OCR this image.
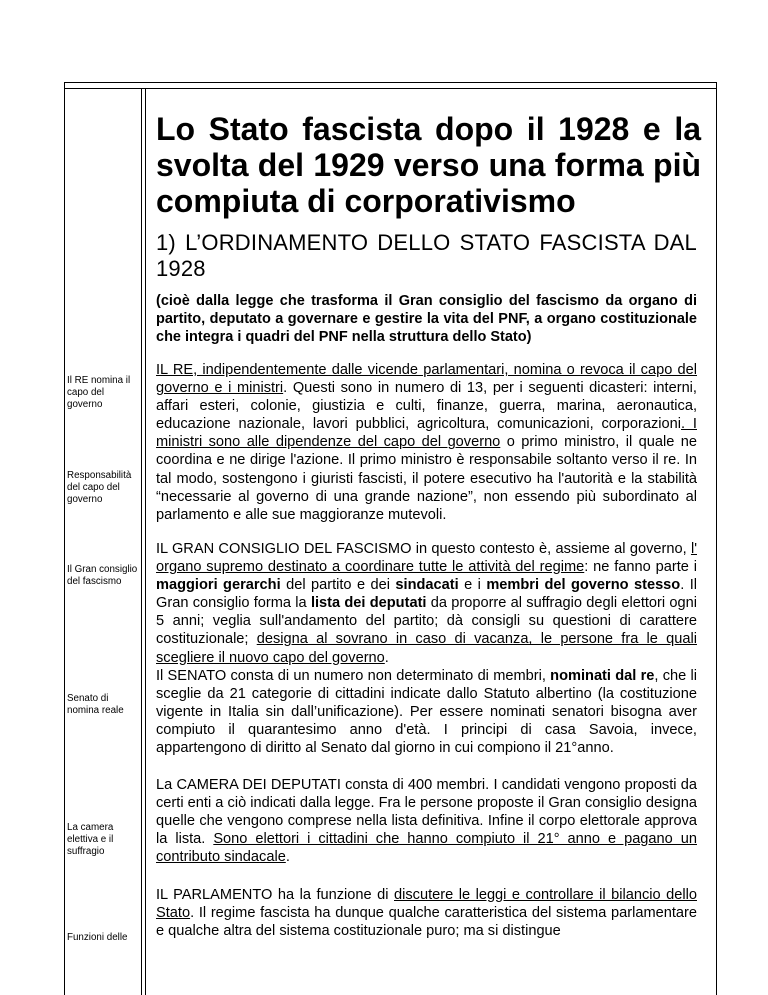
Lo Stato fascista dopo il 1928 e la svolta del 1929 verso una forma più compiuta di corporativismo
1) L’ORDINAMENTO DELLO STATO FASCISTA DAL 1928
(cioè dalla legge che trasforma il Gran consiglio del fascismo da organo di partito, deputato a governare e gestire la vita del PNF, a organo costituzionale che integra i quadri del PNF nella struttura dello Stato)
Il RE nomina il capo del governo
Responsabilità del capo del governo
Il Gran consiglio del fascismo
Senato di nomina reale
La camera elettiva e il suffragio
Funzioni delle
IL RE, indipendentemente dalle vicende parlamentari, nomina o revoca il capo del governo e i ministri. Questi sono in numero di 13, per i seguenti dicasteri: interni, affari esteri, colonie, giustizia e culti, finanze, guerra, marina, aeronautica, educazione nazionale, lavori pubblici, agricoltura, comunicazioni, corporazioni. I ministri sono alle dipendenze del capo del governo o primo ministro, il quale ne coordina e ne dirige l'azione. Il primo ministro è responsabile soltanto verso il re. In tal modo, sostengono i giuristi fascisti, il potere esecutivo ha l'autorità e la stabilità “necessarie al governo di una grande nazione”, non essendo più subordinato al parlamento e alle sue maggioranze mutevoli.
IL GRAN CONSIGLIO DEL FASCISMO in questo contesto è, assieme al governo, l' organo supremo destinato a coordinare tutte le attività del regime: ne fanno parte i maggiori gerarchi del partito e dei sindacati e i membri del governo stesso. Il Gran consiglio forma la lista dei deputati da proporre al suffragio degli elettori ogni 5 anni; veglia sull'andamento del partito; dà consigli su questioni di carattere costituzionale; designa al sovrano in caso di vacanza, le persone fra le quali scegliere il nuovo capo del governo.
Il SENATO consta di un numero non determinato di membri, nominati dal re, che li sceglie da 21 categorie di cittadini indicate dallo Statuto albertino (la costituzione vigente in Italia sin dall’unificazione). Per essere nominati senatori bisogna aver compiuto il quarantesimo anno d'età. I principi di casa Savoia, invece, appartengono di diritto al Senato dal giorno in cui compiono il 21°anno.
La CAMERA DEI DEPUTATI consta di 400 membri. I candidati vengono proposti da certi enti a ciò indicati dalla legge. Fra le persone proposte il Gran consiglio designa quelle che vengono comprese nella lista definitiva. Infine il corpo elettorale approva la lista. Sono elettori i cittadini che hanno compiuto il 21° anno e pagano un contributo sindacale.
IL PARLAMENTO ha la funzione di discutere le leggi e controllare il bilancio dello Stato. Il regime fascista ha dunque qualche caratteristica del sistema parlamentare e qualche altra del sistema costituzionale puro; ma si distingue
